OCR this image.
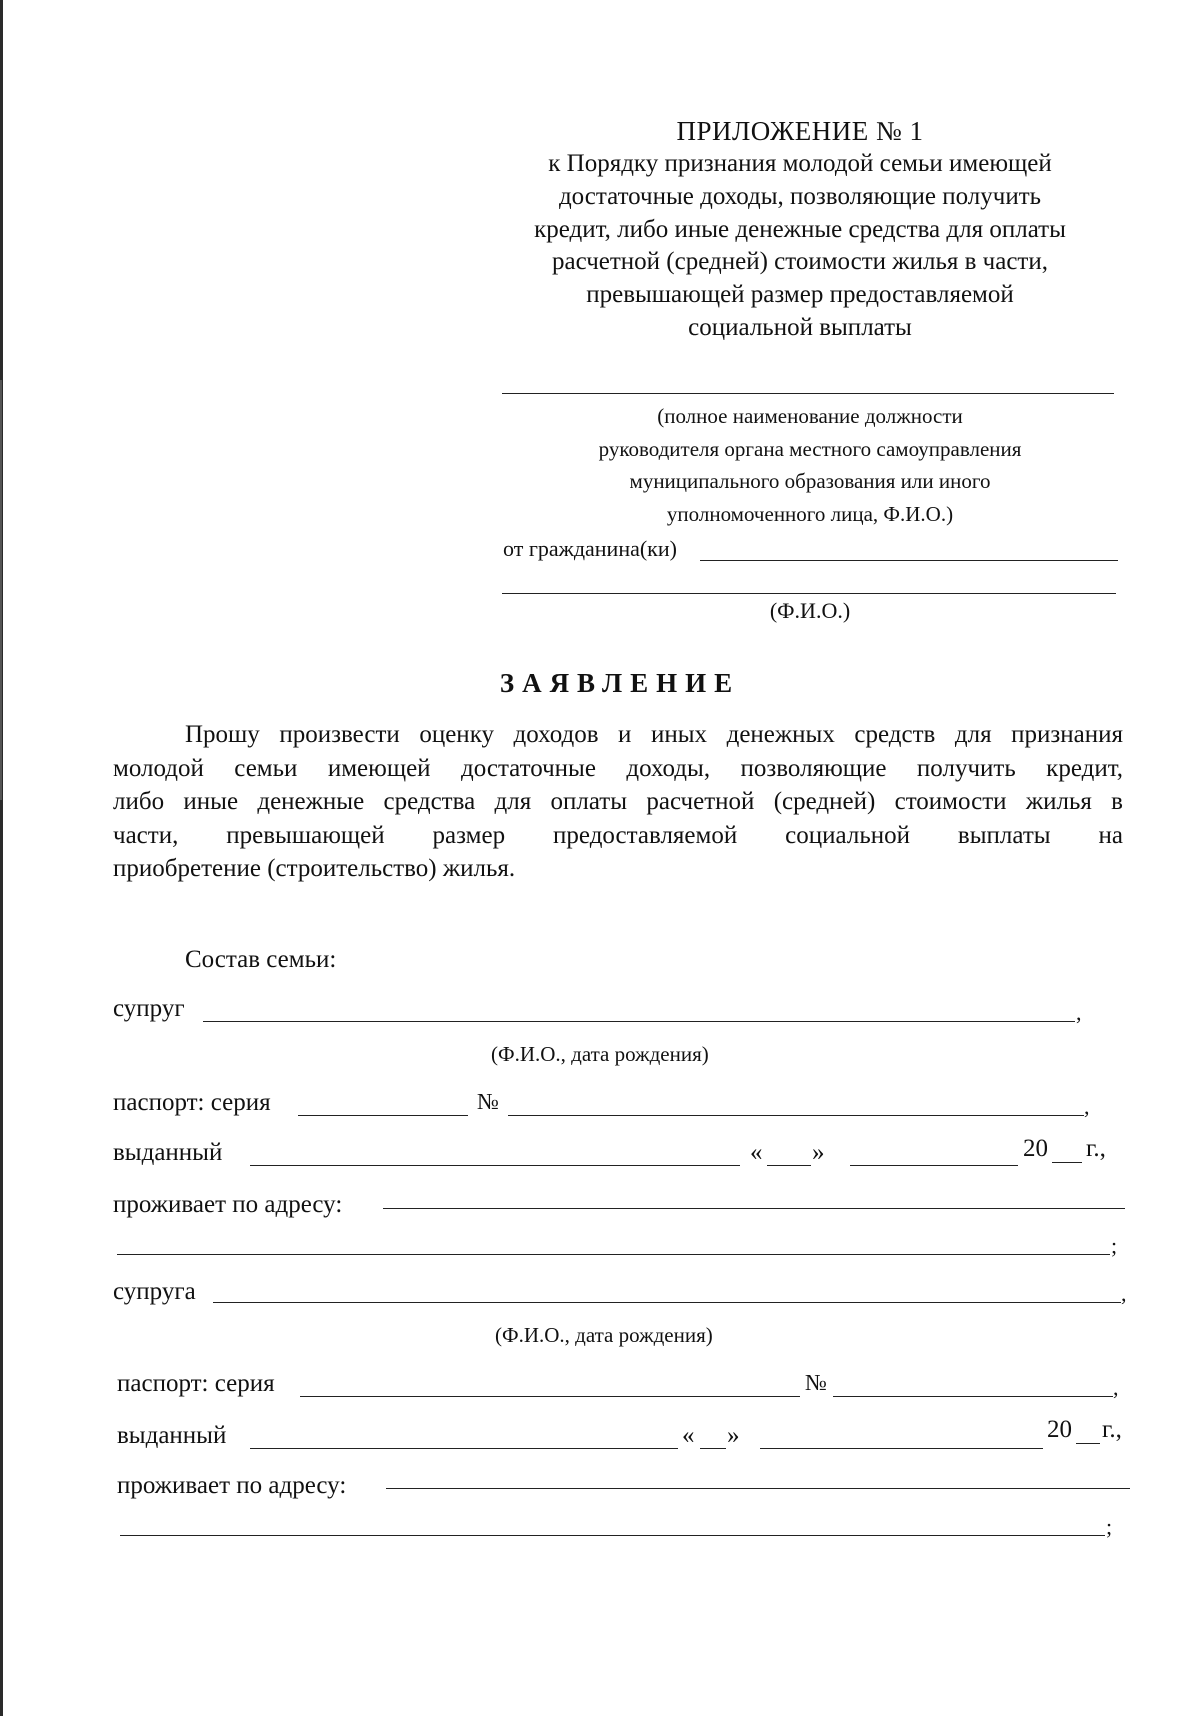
ПРИЛОЖЕНИЕ № 1
к Порядку признания молодой семьи имеющей
достаточные доходы, позволяющие получить
кредит, либо иные денежные средства для оплаты
расчетной (средней) стоимости жилья в части,
превышающей размер предоставляемой
социальной выплаты
(полное наименование должности
руководителя органа местного самоуправления
муниципального образования или иного
уполномоченного лица, Ф.И.О.)
от гражданина(ки)
(Ф.И.О.)
ЗАЯВЛЕНИЕ
Прошу произвести оценку доходов и иных денежных средств для признания
молодой семьи имеющей достаточные доходы, позволяющие получить кредит,
либо иные денежные средства для оплаты расчетной (средней) стоимости жилья в
части, превышающей размер предоставляемой социальной выплаты на
приобретение (строительство) жилья.
Состав семьи:
супруг	,
(Ф.И.О., дата рождения)
паспорт: серия	№	,
выданный	« »	20 г.,
проживает по адресу:
;
супруга	,
(Ф.И.О., дата рождения)
паспорт: серия	№	,
выданный	« »	20 г.,
проживает по адресу:
;
